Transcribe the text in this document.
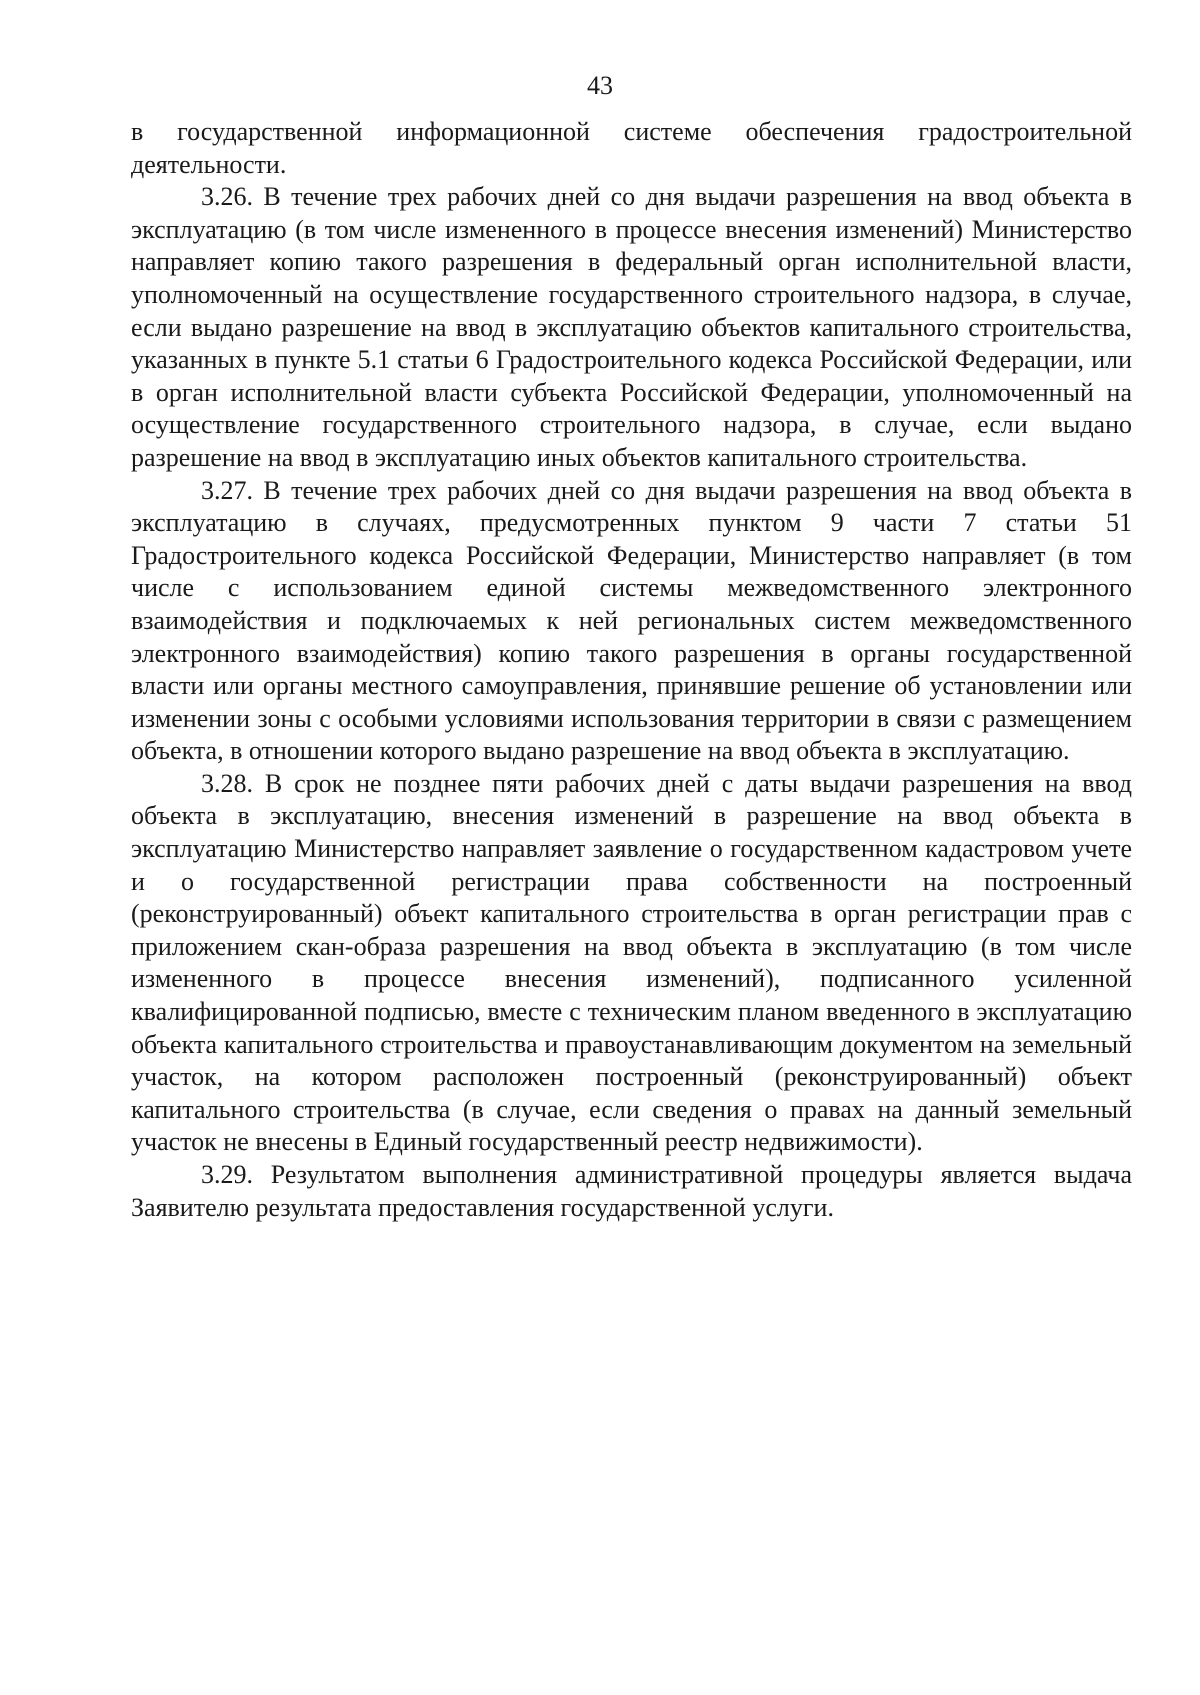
43

в государственной информационной системе обеспечения градостроительной деятельности.

3.26. В течение трех рабочих дней со дня выдачи разрешения на ввод объекта в эксплуатацию (в том числе измененного в процессе внесения изменений) Министерство направляет копию такого разрешения в федеральный орган исполнительной власти, уполномоченный на осуществление государственного строительного надзора, в случае, если выдано разрешение на ввод в эксплуатацию объектов капитального строительства, указанных в пункте 5.1 статьи 6 Градостроительного кодекса Российской Федерации, или в орган исполнительной власти субъекта Российской Федерации, уполномоченный на осуществление государственного строительного надзора, в случае, если выдано разрешение на ввод в эксплуатацию иных объектов капитального строительства.

3.27. В течение трех рабочих дней со дня выдачи разрешения на ввод объекта в эксплуатацию в случаях, предусмотренных пунктом 9 части 7 статьи 51 Градостроительного кодекса Российской Федерации, Министерство направляет (в том числе с использованием единой системы межведомственного электронного взаимодействия и подключаемых к ней региональных систем межведомственного электронного взаимодействия) копию такого разрешения в органы государственной власти или органы местного самоуправления, принявшие решение об установлении или изменении зоны с особыми условиями использования территории в связи с размещением объекта, в отношении которого выдано разрешение на ввод объекта в эксплуатацию.

3.28. В срок не позднее пяти рабочих дней с даты выдачи разрешения на ввод объекта в эксплуатацию, внесения изменений в разрешение на ввод объекта в эксплуатацию Министерство направляет заявление о государственном кадастровом учете и о государственной регистрации права собственности на построенный (реконструированный) объект капитального строительства в орган регистрации прав с приложением скан-образа разрешения на ввод объекта в эксплуатацию (в том числе измененного в процессе внесения изменений), подписанного усиленной квалифицированной подписью, вместе с техническим планом введенного в эксплуатацию объекта капитального строительства и правоустанавливающим документом на земельный участок, на котором расположен построенный (реконструированный) объект капитального строительства (в случае, если сведения о правах на данный земельный участок не внесены в Единый государственный реестр недвижимости).

3.29. Результатом выполнения административной процедуры является выдача Заявителю результата предоставления государственной услуги.
